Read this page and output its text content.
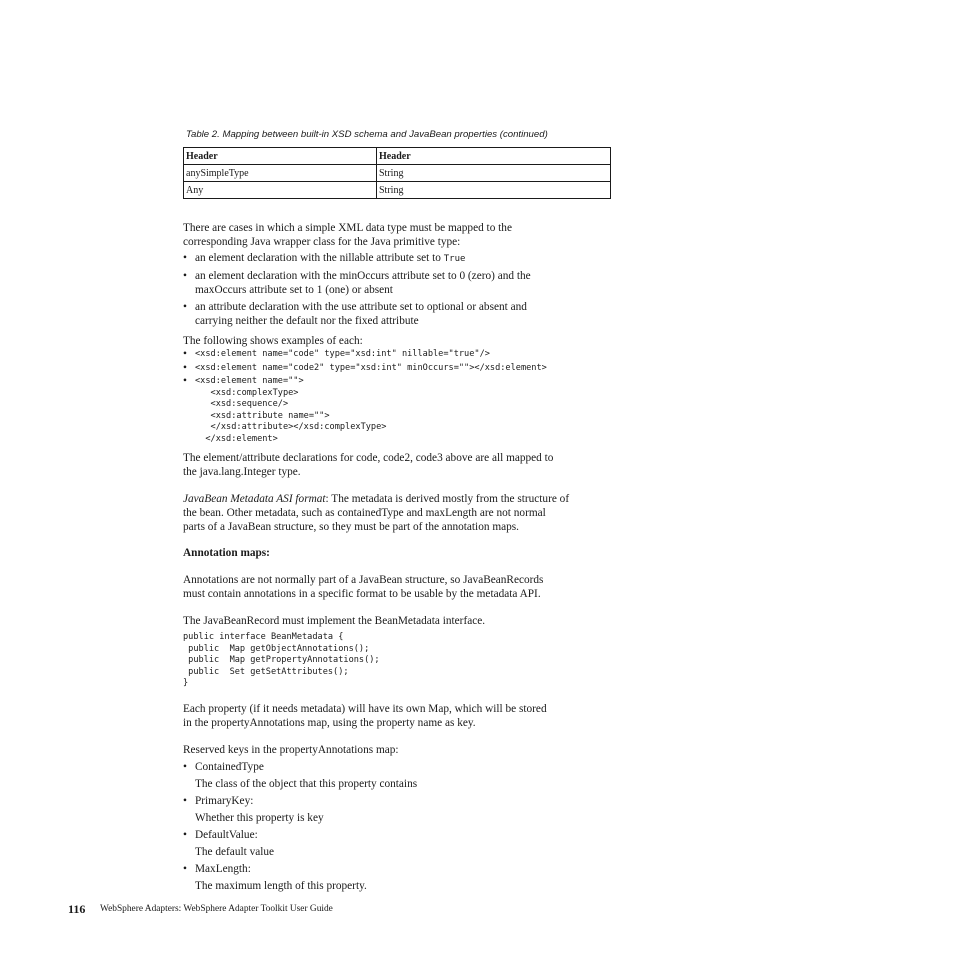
Table 2. Mapping between built-in XSD schema and JavaBean properties (continued)
Header	Header
anySimpleType	String
Any	String
There are cases in which a simple XML data type must be mapped to the
corresponding Java wrapper class for the Java primitive type:
• an element declaration with the nillable attribute set to True
• an element declaration with the minOccurs attribute set to 0 (zero) and the
maxOccurs attribute set to 1 (one) or absent
• an attribute declaration with the use attribute set to optional or absent and
carrying neither the default nor the fixed attribute
The following shows examples of each:
• <xsd:element name="code" type="xsd:int" nillable="true"/>
• <xsd:element name="code2" type="xsd:int" minOccurs=""></xsd:element>
• <xsd:element name="">
<xsd:complexType>
<xsd:sequence/>
<xsd:attribute name="">
</xsd:attribute></xsd:complexType>
</xsd:element>
The element/attribute declarations for code, code2, code3 above are all mapped to
the java.lang.Integer type.
JavaBean Metadata ASI format: The metadata is derived mostly from the structure of
the bean. Other metadata, such as containedType and maxLength are not normal
parts of a JavaBean structure, so they must be part of the annotation maps.
Annotation maps:
Annotations are not normally part of a JavaBean structure, so JavaBeanRecords
must contain annotations in a specific format to be usable by the metadata API.
The JavaBeanRecord must implement the BeanMetadata interface.
public interface BeanMetadata {
public  Map getObjectAnnotations();
public  Map getPropertyAnnotations();
public  Set getSetAttributes();
}
Each property (if it needs metadata) will have its own Map, which will be stored
in the propertyAnnotations map, using the property name as key.
Reserved keys in the propertyAnnotations map:
• ContainedType
The class of the object that this property contains
• PrimaryKey:
Whether this property is key
• DefaultValue:
The default value
• MaxLength:
The maximum length of this property.
116 WebSphere Adapters: WebSphere Adapter Toolkit User Guide
